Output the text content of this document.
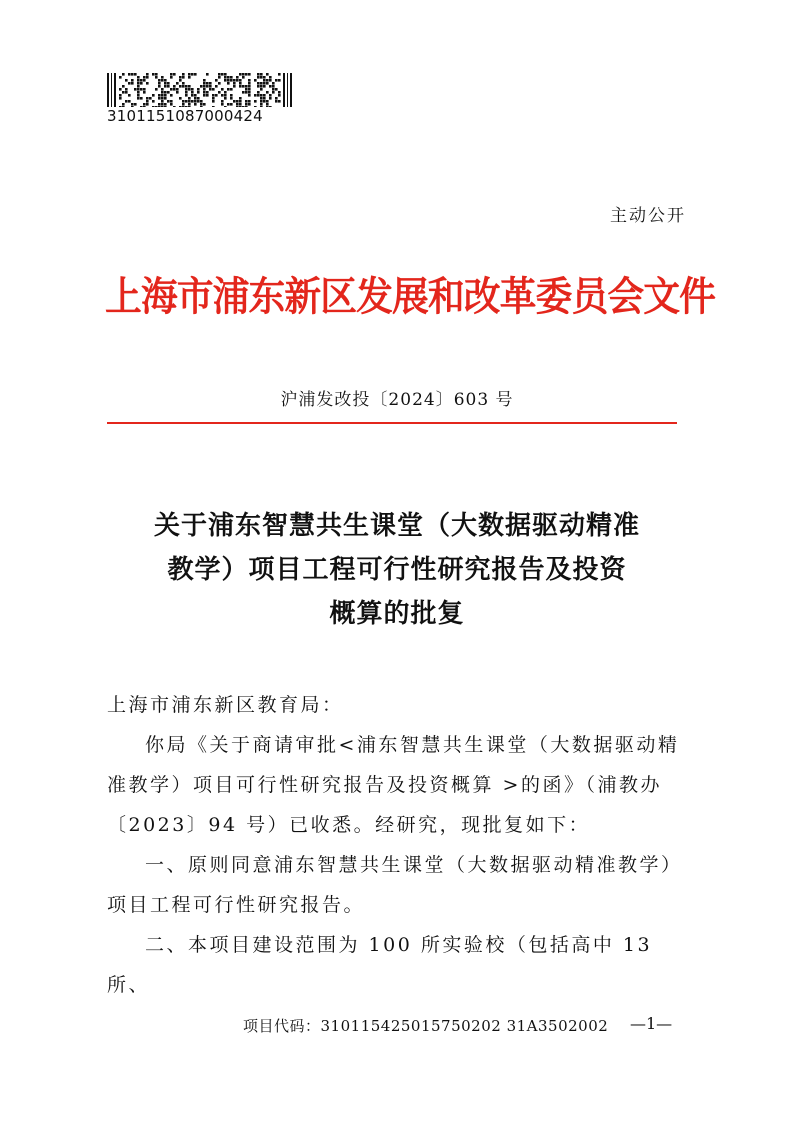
3101151087000424
主动公开
上海市浦东新区发展和改革委员会文件
沪浦发改投〔2024〕603 号
关于浦东智慧共生课堂（大数据驱动精准
教学）项目工程可行性研究报告及投资
概算的批复

上海市浦东新区教育局：

你局《关于商请审批<浦东智慧共生课堂（大数据驱动精准教学）项目可行性研究报告及投资概算 >的函》（浦教办〔2023〕94 号）已收悉。经研究，现批复如下：

一、原则同意浦东智慧共生课堂（大数据驱动精准教学）项目工程可行性研究报告。

二、本项目建设范围为 100 所实验校（包括高中 13 所、

项目代码：310115425015750202 31A3502002 —1—
